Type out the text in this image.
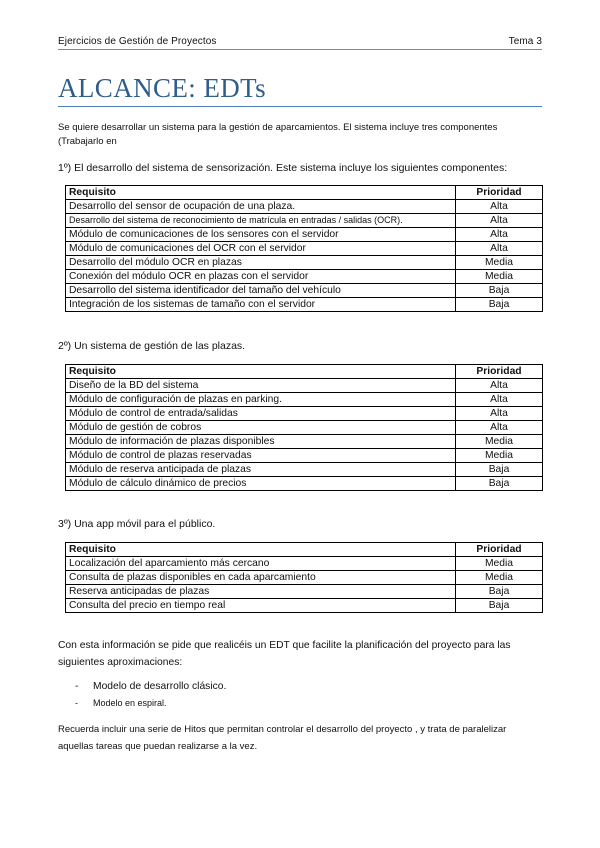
Ejercicios de Gestión de Proyectos	Tema 3
ALCANCE: EDTs
Se quiere desarrollar un sistema para la gestión de aparcamientos. El sistema incluye tres componentes (Trabajarlo en
1º) El desarrollo del sistema de sensorización. Este sistema incluye los siguientes componentes:
Requisito	Prioridad
Desarrollo del sensor de ocupación de una plaza.	Alta
Desarrollo del sistema de reconocimiento de matrícula en entradas / salidas (OCR).	Alta
Módulo de comunicaciones de los sensores con el servidor	Alta
Módulo de comunicaciones del OCR con el servidor	Alta
Desarrollo del módulo OCR en plazas	Media
Conexión del módulo OCR en plazas con el servidor	Media
Desarrollo del sistema identificador del tamaño del vehículo	Baja
Integración de los sistemas de tamaño con el servidor	Baja
2º) Un sistema de gestión de las plazas.
Requisito	Prioridad
Diseño de la BD del sistema	Alta
Módulo de configuración de plazas en parking.	Alta
Módulo de control de entrada/salidas	Alta
Módulo de gestión de cobros	Alta
Módulo de información de plazas disponibles	Media
Módulo de control de plazas reservadas	Media
Módulo de reserva anticipada de plazas	Baja
Módulo de cálculo dinámico de precios	Baja
3º) Una app móvil para el público.
Requisito	Prioridad
Localización del aparcamiento más cercano	Media
Consulta de plazas disponibles en cada aparcamiento	Media
Reserva anticipadas de plazas	Baja
Consulta del precio en tiempo real	Baja
Con esta información se pide que realicéis un EDT que facilite la planificación del proyecto para las siguientes aproximaciones:
- Modelo de desarrollo clásico.
- Modelo en espiral.
Recuerda incluir una serie de Hitos que permitan controlar el desarrollo del proyecto , y trata de paralelizar aquellas tareas que puedan realizarse a la vez.
